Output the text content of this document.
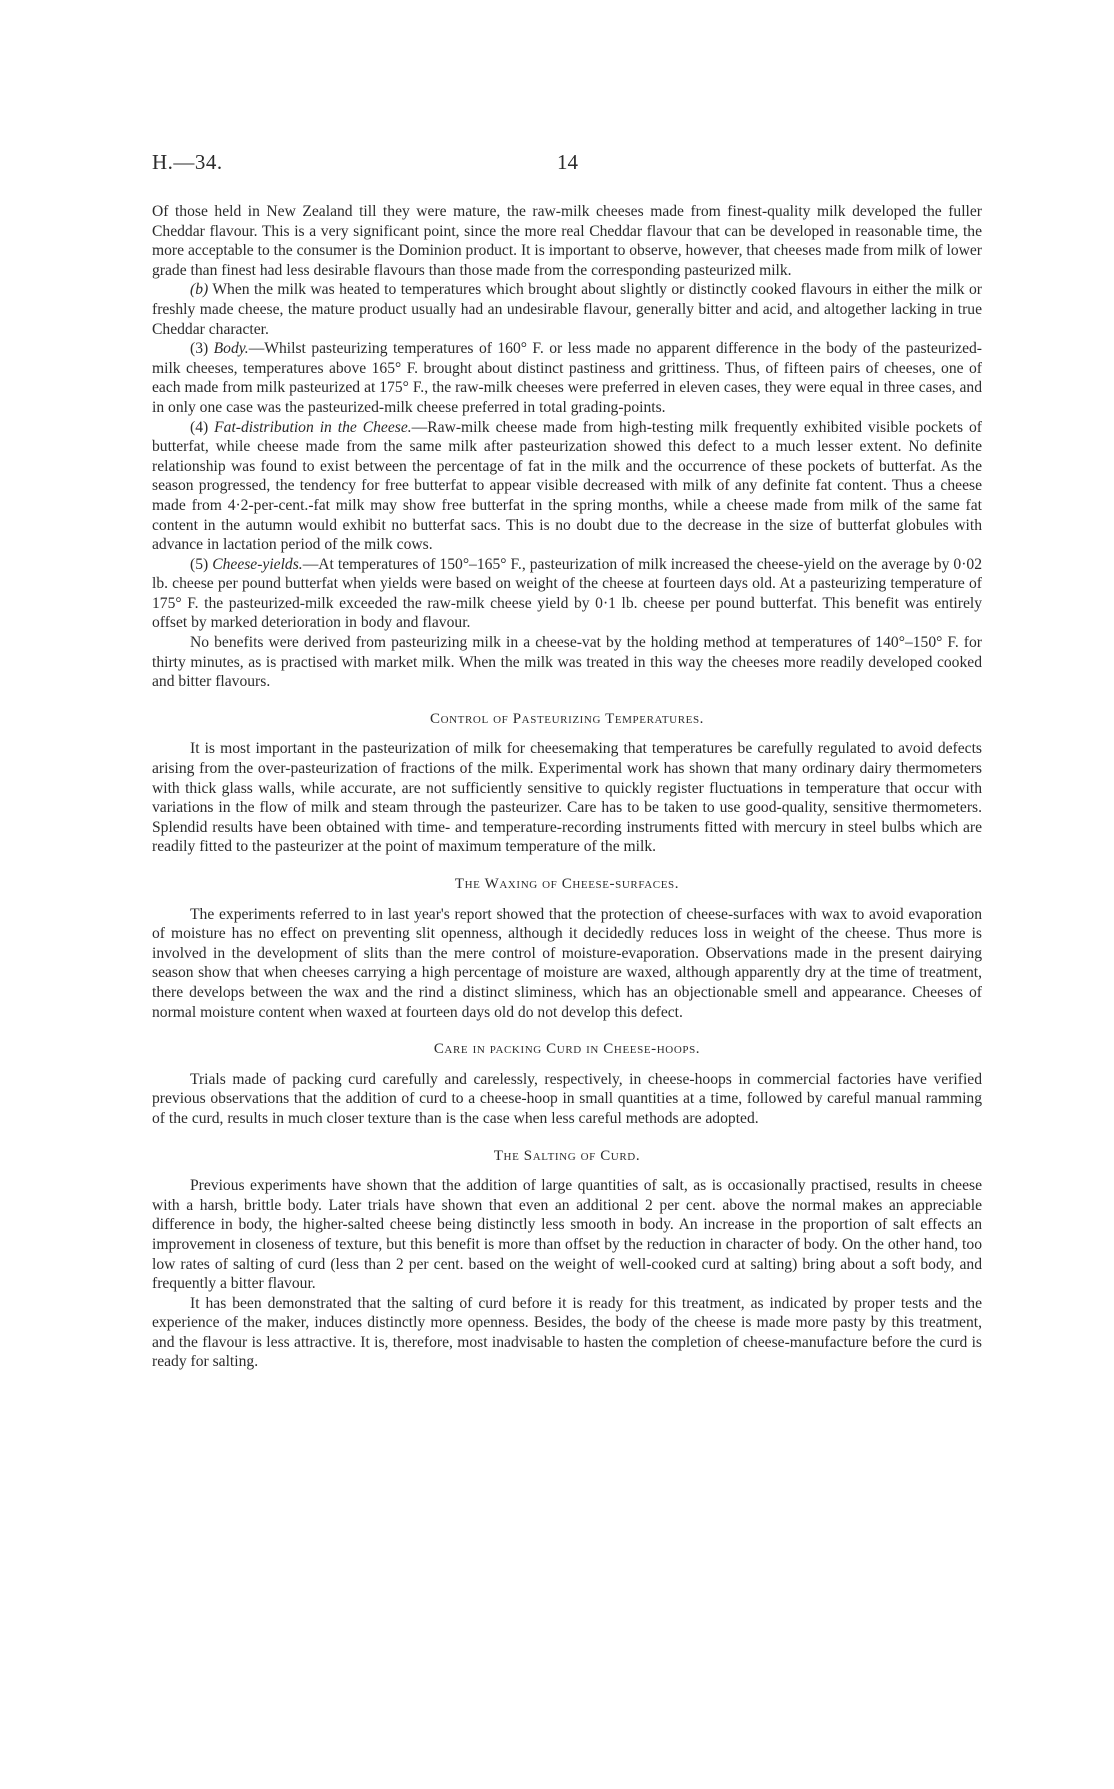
H.—34.	14

Of those held in New Zealand till they were mature, the raw-milk cheeses made from finest-quality milk developed the fuller Cheddar flavour. This is a very significant point, since the more real Cheddar flavour that can be developed in reasonable time, the more acceptable to the consumer is the Dominion product. It is important to observe, however, that cheeses made from milk of lower grade than finest had less desirable flavours than those made from the corresponding pasteurized milk.

(b) When the milk was heated to temperatures which brought about slightly or distinctly cooked flavours in either the milk or freshly made cheese, the mature product usually had an undesirable flavour, generally bitter and acid, and altogether lacking in true Cheddar character.

(3) Body.—Whilst pasteurizing temperatures of 160° F. or less made no apparent difference in the body of the pasteurized-milk cheeses, temperatures above 165° F. brought about distinct pastiness and grittiness. Thus, of fifteen pairs of cheeses, one of each made from milk pasteurized at 175° F., the raw-milk cheeses were preferred in eleven cases, they were equal in three cases, and in only one case was the pasteurized-milk cheese preferred in total grading-points.

(4) Fat-distribution in the Cheese.—Raw-milk cheese made from high-testing milk frequently exhibited visible pockets of butterfat, while cheese made from the same milk after pasteurization showed this defect to a much lesser extent. No definite relationship was found to exist between the percentage of fat in the milk and the occurrence of these pockets of butterfat. As the season progressed, the tendency for free butterfat to appear visible decreased with milk of any definite fat content. Thus a cheese made from 4·2-per-cent.-fat milk may show free butterfat in the spring months, while a cheese made from milk of the same fat content in the autumn would exhibit no butterfat sacs. This is no doubt due to the decrease in the size of butterfat globules with advance in lactation period of the milk cows.

(5) Cheese-yields.—At temperatures of 150°–165° F., pasteurization of milk increased the cheese-yield on the average by 0·02 lb. cheese per pound butterfat when yields were based on weight of the cheese at fourteen days old. At a pasteurizing temperature of 175° F. the pasteurized-milk exceeded the raw-milk cheese yield by 0·1 lb. cheese per pound butterfat. This benefit was entirely offset by marked deterioration in body and flavour.

No benefits were derived from pasteurizing milk in a cheese-vat by the holding method at temperatures of 140°–150° F. for thirty minutes, as is practised with market milk. When the milk was treated in this way the cheeses more readily developed cooked and bitter flavours.

Control of Pasteurizing Temperatures.

It is most important in the pasteurization of milk for cheesemaking that temperatures be carefully regulated to avoid defects arising from the over-pasteurization of fractions of the milk. Experimental work has shown that many ordinary dairy thermometers with thick glass walls, while accurate, are not sufficiently sensitive to quickly register fluctuations in temperature that occur with variations in the flow of milk and steam through the pasteurizer. Care has to be taken to use good-quality, sensitive thermometers. Splendid results have been obtained with time- and temperature-recording instruments fitted with mercury in steel bulbs which are readily fitted to the pasteurizer at the point of maximum temperature of the milk.

The Waxing of Cheese-surfaces.

The experiments referred to in last year's report showed that the protection of cheese-surfaces with wax to avoid evaporation of moisture has no effect on preventing slit openness, although it decidedly reduces loss in weight of the cheese. Thus more is involved in the development of slits than the mere control of moisture-evaporation. Observations made in the present dairying season show that when cheeses carrying a high percentage of moisture are waxed, although apparently dry at the time of treatment, there develops between the wax and the rind a distinct sliminess, which has an objectionable smell and appearance. Cheeses of normal moisture content when waxed at fourteen days old do not develop this defect.

Care in packing Curd in Cheese-hoops.

Trials made of packing curd carefully and carelessly, respectively, in cheese-hoops in commercial factories have verified previous observations that the addition of curd to a cheese-hoop in small quantities at a time, followed by careful manual ramming of the curd, results in much closer texture than is the case when less careful methods are adopted.

The Salting of Curd.

Previous experiments have shown that the addition of large quantities of salt, as is occasionally practised, results in cheese with a harsh, brittle body. Later trials have shown that even an additional 2 per cent. above the normal makes an appreciable difference in body, the higher-salted cheese being distinctly less smooth in body. An increase in the proportion of salt effects an improvement in closeness of texture, but this benefit is more than offset by the reduction in character of body. On the other hand, too low rates of salting of curd (less than 2 per cent. based on the weight of well-cooked curd at salting) bring about a soft body, and frequently a bitter flavour.

It has been demonstrated that the salting of curd before it is ready for this treatment, as indicated by proper tests and the experience of the maker, induces distinctly more openness. Besides, the body of the cheese is made more pasty by this treatment, and the flavour is less attractive. It is, therefore, most inadvisable to hasten the completion of cheese-manufacture before the curd is ready for salting.
